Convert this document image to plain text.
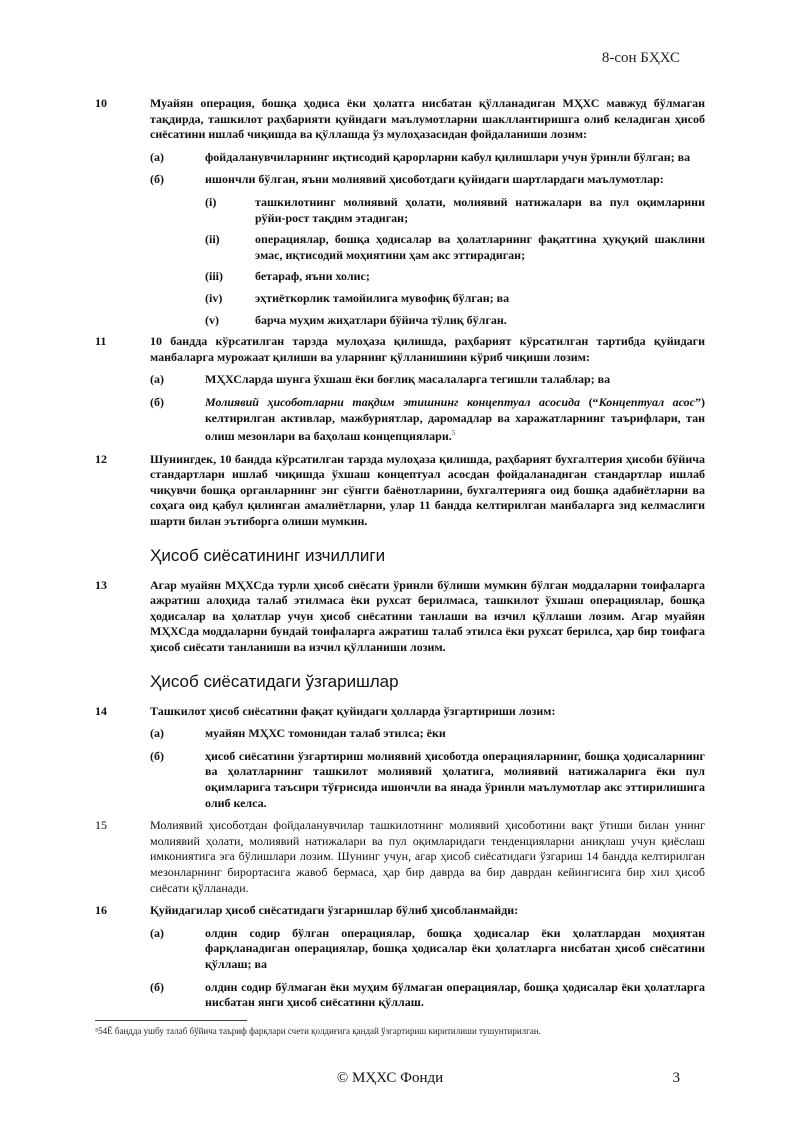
8-сон БҲХС
10	Муайян операция, бошқа ҳодиса ёки ҳолатга нисбатан қўлланадиган МҲХС мавжуд бўлмаган тақдирда, ташкилот раҳбарияти қуйидаги маълумотларни шакллантиришга олиб келадиган ҳисоб сиёсатини ишлаб чиқишда ва қўллашда ўз мулоҳазасидан фойдаланиши лозим:
(а)	фойдаланувчиларнинг иқтисодий қарорларни кабул қилишлари учун ўринли бўлган; ва
(б)	ишончли бўлган, яъни молиявий ҳисоботдаги қуйидаги шартлардаги маълумотлар:
(i)	ташкилотнинг молиявий ҳолати, молиявий натижалари ва пул оқимларини рўйи-рост тақдим этадиган;
(ii)	операциялар, бошқа ҳодисалар ва ҳолатларнинг фақатгина ҳуқуқий шаклини эмас, иқтисодий моҳиятини ҳам акс эттирадиган;
(iii)	бетараф, яъни холис;
(iv)	эҳтиёткорлик тамойилига мувофиқ бўлган; ва
(v)	барча муҳим жиҳатлари бўйича тўлиқ бўлган.
11	10 бандда кўрсатилган тарзда мулоҳаза қилишда, раҳбарият кўрсатилган тартибда қуйидаги манбаларга мурожаат қилиши ва уларнинг қўлланишини кўриб чиқиши лозим:
(а)	МҲХСларда шунга ўхшаш ёки боғлиқ масалаларга тегишли талаблар; ва
(б)	Молиявий ҳисоботларни тақдим этишнинг концептуал асосида (“Концептуал асос”) келтирилган активлар, мажбуриятлар, даромадлар ва харажатларнинг таърифлари, тан олиш мезонлари ва баҳолаш концепциялари.$^5$
12	Шунингдек, 10 бандда кўрсатилган тарзда мулоҳаза қилишда, раҳбарият бухгалтерия ҳисоби бўйича стандартлари ишлаб чиқишда ўхшаш концептуал асосдан фойдаланадиган стандартлар ишлаб чиқувчи бошқа органларнинг энг сўнгги баёнотларини, бухгалтерияга оид бошқа адабиётларни ва соҳага оид қабул қилинган амалиётларни, улар 11 бандда келтирилган манбаларга зид келмаслиги шарти билан эътиборга олиши мумкин.
Ҳисоб сиёсатининг изчиллиги
13	Агар муайян МҲХСда турли ҳисоб сиёсати ўринли бўлиши мумкин бўлган моддаларни тоифаларга ажратиш алоҳида талаб этилмаса ёки рухсат берилмаса, ташкилот ўхшаш операциялар, бошқа ҳодисалар ва ҳолатлар учун ҳисоб сиёсатини танлаши ва изчил қўллаши лозим. Агар муайян МҲХСда моддаларни бундай тоифаларга ажратиш талаб этилса ёки рухсат берилса, ҳар бир тоифага ҳисоб сиёсати танланиши ва изчил қўлланиши лозим.
Ҳисоб сиёсатидаги ўзгаришлар
14	Ташкилот ҳисоб сиёсатини фақат қуйидаги ҳолларда ўзгартириши лозим:
(а)	муайян МҲХС томонидан талаб этилса; ёки
(б)	ҳисоб сиёсатини ўзгартириш молиявий ҳисоботда операцияларнинг, бошқа ҳодисаларнинг ва ҳолатларнинг ташкилот молиявий ҳолатига, молиявий натижаларига ёки пул оқимларига таъсири тўғрисида ишончли ва янада ўринли маълумотлар акс эттирилишига олиб келса.
15	Молиявий ҳисоботдан фойдаланувчилар ташкилотнинг молиявий ҳисоботини вақт ўтиши билан унинг молиявий ҳолати, молиявий натижалари ва пул оқимларидаги тенденцияларни аниқлаш учун қиёслаш имкониятига эга бўлишлари лозим. Шунинг учун, агар ҳисоб сиёсатидаги ўзгариш 14 бандда келтирилган мезонларнинг бирортасига жавоб бермаса, ҳар бир даврда ва бир даврдан кейингисига бир хил ҳисоб сиёсати қўлланади.
16	Қуйидагилар ҳисоб сиёсатидаги ўзгаришлар бўлиб ҳисобланмайди:
(а)	олдин содир бўлган операциялар, бошқа ҳодисалар ёки ҳолатлардан моҳиятан фарқланадиган операциялар, бошқа ҳодисалар ёки ҳолатларга нисбатан ҳисоб сиёсатини қўллаш; ва
(б)	олдин содир бўлмаган ёки муҳим бўлмаган операциялар, бошқа ҳодисалар ёки ҳолатларга нисбатан янги ҳисоб сиёсатини қўллаш.
⁵54Ё бандда ушбу талаб бўйича таъриф фарқлари счети қолдиғига қандай ўзгартириш киритилиши тушунтирилган.
© МҲХС Фонди	3
